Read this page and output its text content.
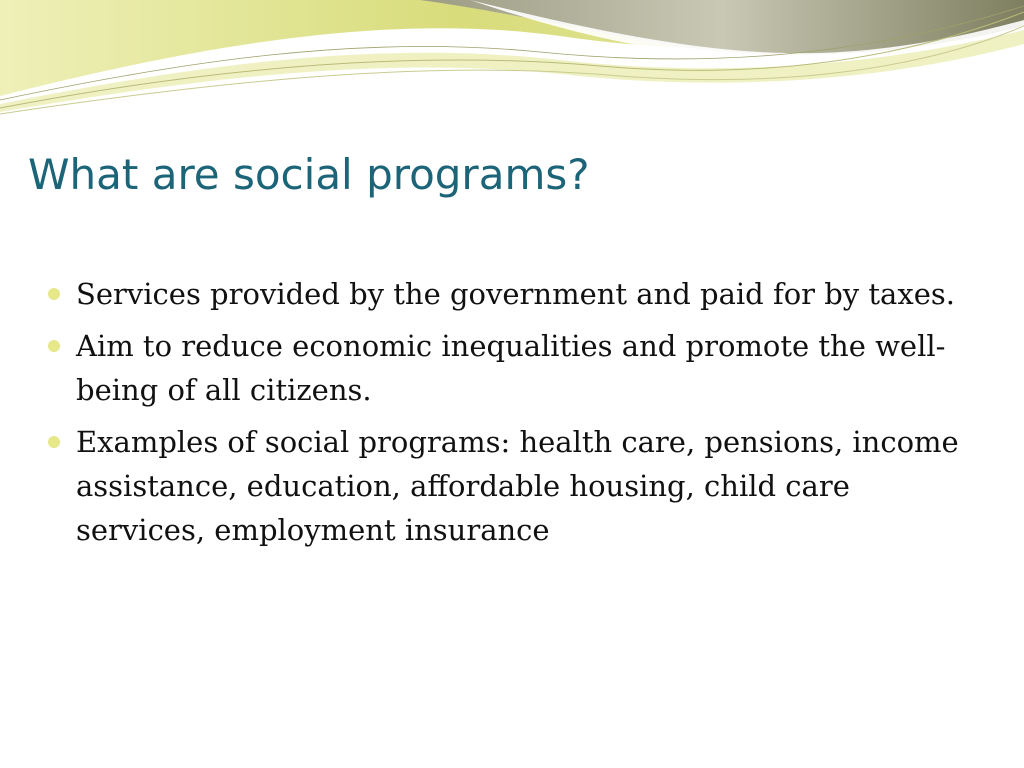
What are social programs?
Services provided by the government and paid for by taxes.
Aim to reduce economic inequalities and promote the well-being of all citizens.
Examples of social programs: health care, pensions, income assistance, education, affordable housing, child care services, employment insurance
